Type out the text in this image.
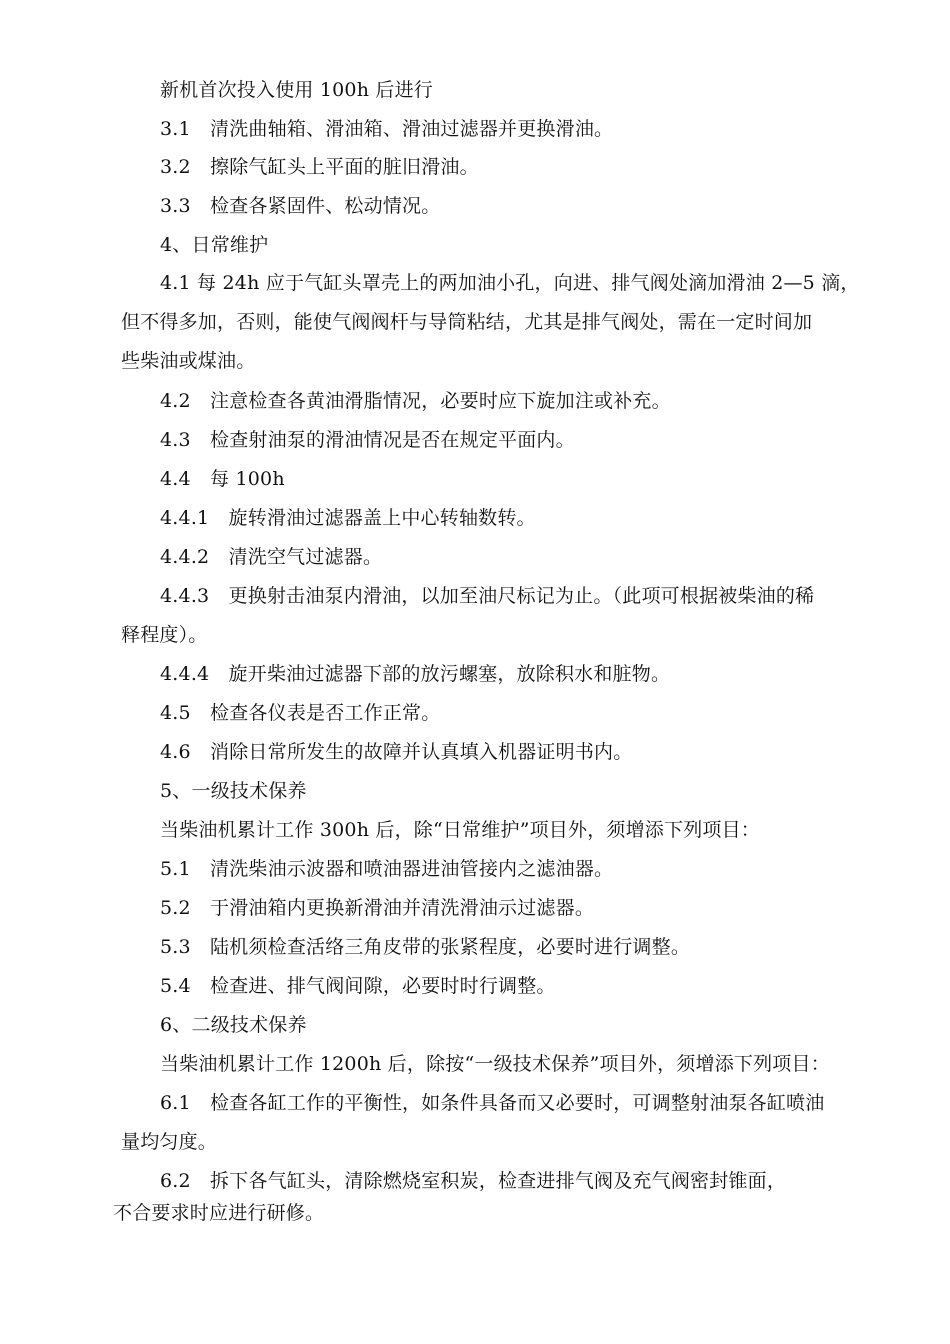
新机首次投入使用 100h 后进行
3.1　清洗曲轴箱、滑油箱、滑油过滤器并更换滑油。
3.2　擦除气缸头上平面的脏旧滑油。
3.3　检查各紧固件、松动情况。
4、日常维护
4.1 每 24h 应于气缸头罩壳上的两加油小孔，向进、排气阀处滴加滑油 2—5 滴，
但不得多加，否则，能使气阀阀杆与导筒粘结，尤其是排气阀处，需在一定时间加
些柴油或煤油。
4.2　注意检查各黄油滑脂情况，必要时应下旋加注或补充。
4.3　检查射油泵的滑油情况是否在规定平面内。
4.4　每 100h
4.4.1　旋转滑油过滤器盖上中心转轴数转。
4.4.2　清洗空气过滤器。
4.4.3　更换射击油泵内滑油，以加至油尺标记为止。（此项可根据被柴油的稀
释程度）。
4.4.4　旋开柴油过滤器下部的放污螺塞，放除积水和脏物。
4.5　检查各仪表是否工作正常。
4.6　消除日常所发生的故障并认真填入机器证明书内。
5、一级技术保养
当柴油机累计工作 300h 后，除“日常维护”项目外，须增添下列项目：
5.1　清洗柴油示波器和喷油器进油管接内之滤油器。
5.2　于滑油箱内更换新滑油并清洗滑油示过滤器。
5.3　陆机须检查活络三角皮带的张紧程度，必要时进行调整。
5.4　检查进、排气阀间隙，必要时时行调整。
6、二级技术保养
当柴油机累计工作 1200h 后，除按“一级技术保养”项目外，须增添下列项目：
6.1　检查各缸工作的平衡性，如条件具备而又必要时，可调整射油泵各缸喷油
量均匀度。
6.2　拆下各气缸头，清除燃烧室积炭，检查进排气阀及充气阀密封锥面，
不合要求时应进行研修。
